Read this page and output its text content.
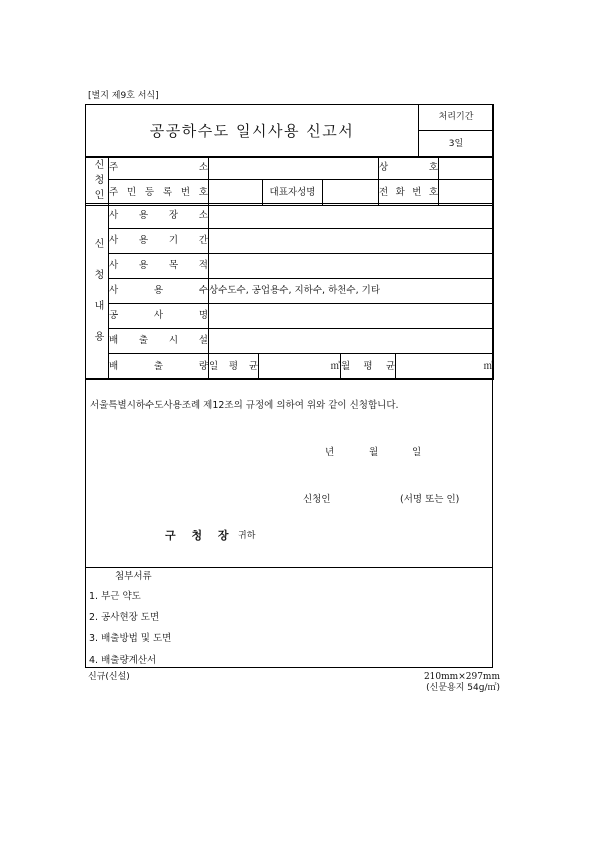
[별지 제9호 서식]
공공하수도 일시사용 신고서	처리기간
3일
신청인	주 소				상 호	
	주 민 등 록 번 호		대표자성명		전 화 번 호	
신청내용	사 용 장 소				
	사 용 기 간				
	사 용 목 적				
	사 용 수	상수도수, 공업용수, 지하수, 하천수, 기타			
	공 사 명				
	배 출 시 설				
	배 출 량	일 평 균	㎥	월 평 균	㎥
서울특별시하수도사용조례 제12조의 규정에 의하여 위와 같이 신청합니다.
년	월	일
신청인	(서명 또는 인)
구 청 장 귀하
첨부서류
1. 부근 약도
2. 공사현장 도면
3. 배출방법 및 도면
4. 배출량계산서
신규(신설)	210mm×297mm
(신문용지 54g/㎡)
